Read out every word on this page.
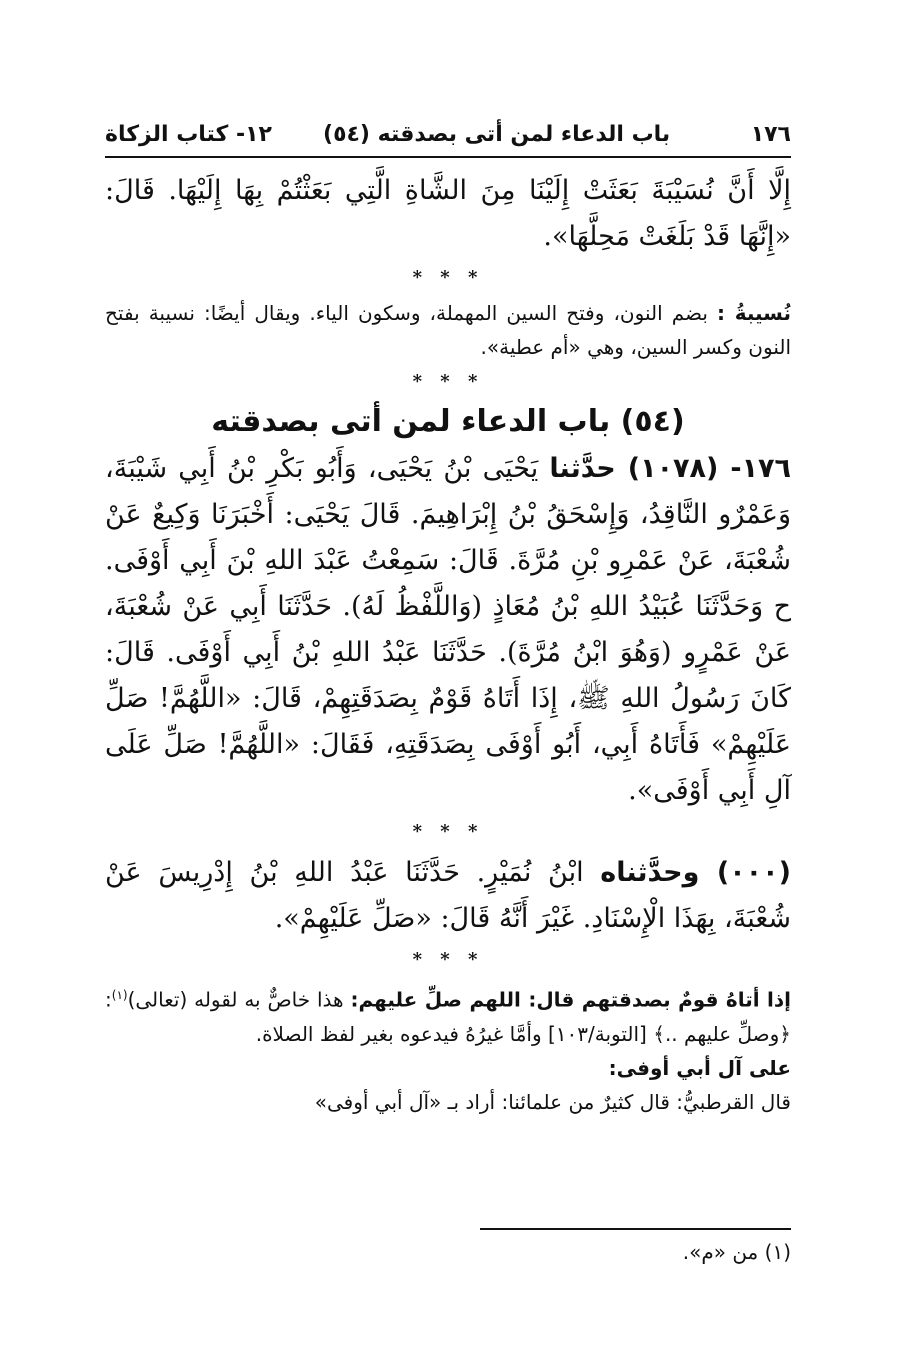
١٧٦
(٥٤) باب الدعاء لمن أتى بصدقته
١٢- كتاب الزكاة

إِلَّا أَنَّ نُسَيْبَةَ بَعَثَتْ إِلَيْنَا مِنَ الشَّاةِ الَّتِي بَعَثْتُمْ بِهَا إِلَيْهَا. قَالَ: «إِنَّهَا قَدْ بَلَغَتْ مَحِلَّهَا».

* * *

نُسيبةُ : بضم النون، وفتح السين المهملة، وسكون الياء. ويقال أيضًا: نسيبة بفتح النون وكسر السين، وهي «أم عطية».

* * *
(٥٤) باب الدعاء لمن أتى بصدقته

١٧٦- (١٠٧٨) حدَّثنا يَحْيَى بْنُ يَحْيَى، وَأَبُو بَكْرِ بْنُ أَبِي شَيْبَةَ، وَعَمْرٌو النَّاقِدُ، وَإِسْحَقُ بْنُ إِبْرَاهِيمَ. قَالَ يَحْيَى: أَخْبَرَنَا وَكِيعٌ عَنْ شُعْبَةَ، عَنْ عَمْرِو بْنِ مُرَّةَ. قَالَ: سَمِعْتُ عَبْدَ اللهِ بْنَ أَبِي أَوْفَى. ح وَحَدَّثَنَا عُبَيْدُ اللهِ بْنُ مُعَاذٍ (وَاللَّفْظُ لَهُ). حَدَّثَنَا أَبِي عَنْ شُعْبَةَ، عَنْ عَمْرٍو (وَهُوَ ابْنُ مُرَّةَ). حَدَّثَنَا عَبْدُ اللهِ بْنُ أَبِي أَوْفَى. قَالَ: كَانَ رَسُولُ اللهِ ﷺ، إِذَا أَتَاهُ قَوْمٌ بِصَدَقَتِهِمْ، قَالَ: «اللَّهُمَّ! صَلِّ عَلَيْهِمْ» فَأَتَاهُ أَبِي، أَبُو أَوْفَى بِصَدَقَتِهِ، فَقَالَ: «اللَّهُمَّ! صَلِّ عَلَى آلِ أَبِي أَوْفَى».

* * *

(٠٠٠) وحدَّثناه ابْنُ نُمَيْرٍ. حَدَّثَنَا عَبْدُ اللهِ بْنُ إِدْرِيسَ عَنْ شُعْبَةَ، بِهَذَا الْإِسْنَادِ. غَيْرَ أَنَّهُ قَالَ: «صَلِّ عَلَيْهِمْ».

* * *

إذا أتاهُ قومٌ بصدقتهم قال: اللهم صلِّ عليهم: هذا خاصٌّ به لقوله (تعالى)$^{(١)}$: ﴿وصلِّ عليهم ..﴾ [التوبة/١٠٣] وأمَّا غيرُهُ فيدعوه بغير لفظ الصلاة.

على آل أبي أوفى:

قال القرطبيُّ: قال كثيرٌ من علمائنا: أراد بـ «آل أبي أوفى»

(١) من «م».
